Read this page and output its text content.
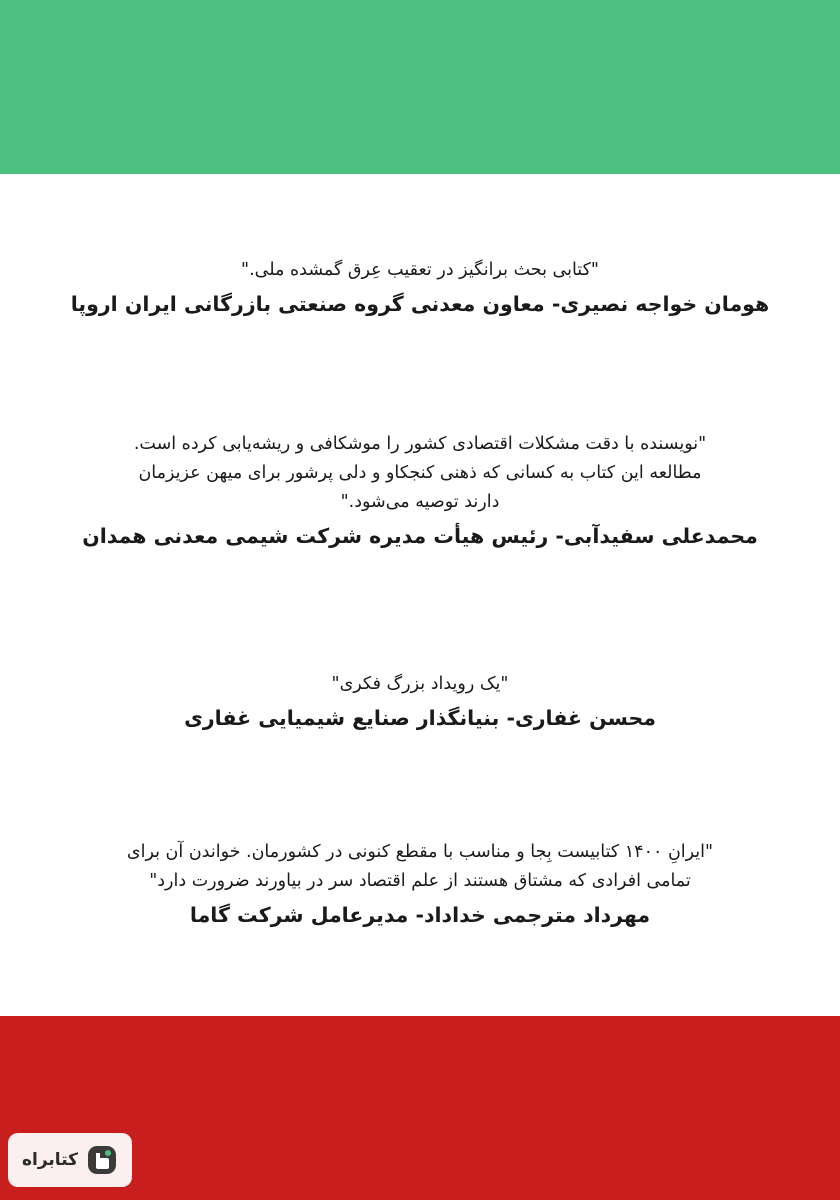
"کتابی بحث برانگیز در تعقیب عِرق گمشده ملی."

هومان خواجه نصیری- معاون معدنی گروه صنعتی بازرگانی ایران اروپا

"نویسنده با دقت مشکلات اقتصادی کشور را موشکافی و ریشه‌یابی کرده است.

مطالعه این کتاب به کسانی که ذهنی کنجکاو و دلی پرشور برای میهن عزیزمان

دارند توصیه می‌شود."

محمدعلی سفیدآبی- رئیس هیأت مدیره شرکت شیمی معدنی همدان

"یک رویداد بزرگ فکری"

محسن غفاری- بنیانگذار صنایع شیمیایی غفاری

"ایرانِ ۱۴۰۰ کتابیست بِجا و مناسب با مقطع کنونی در کشورمان. خواندن آن برای

تمامی افرادی که مشتاق هستند از علم اقتصاد سر در بیاورند ضرورت دارد"

مهرداد مترجمی خداداد- مدیرعامل شرکت گاما
کتابراه
